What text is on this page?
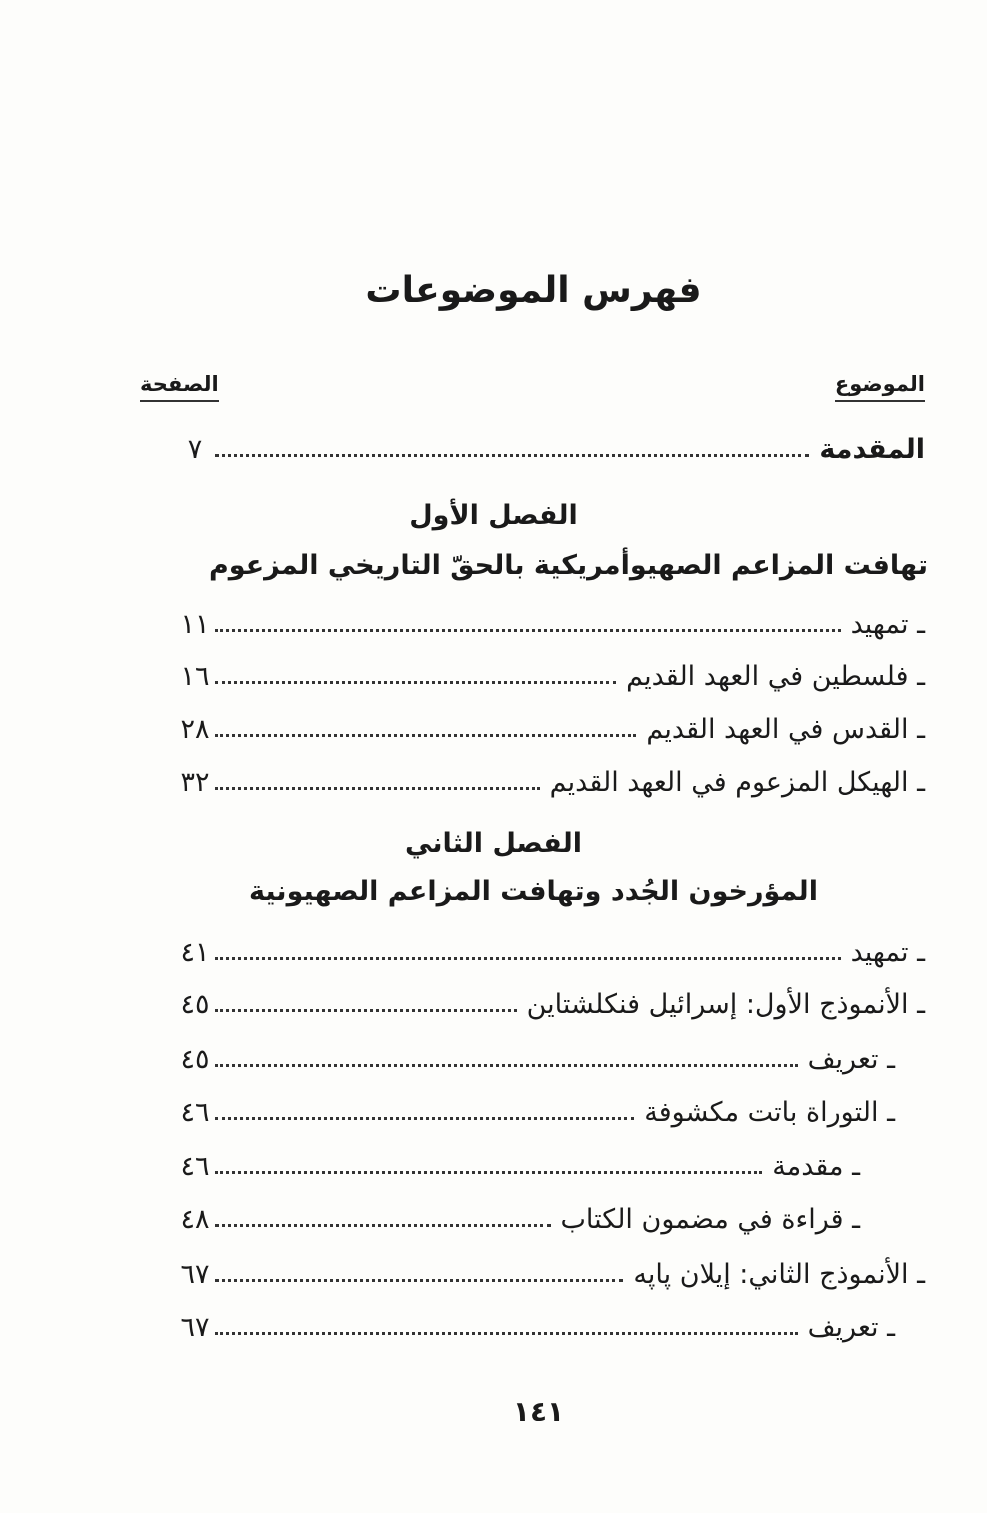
فهرس الموضوعات
الموضوع
الصفحة
المقدمة
٧
الفصل الأول
تهافت المزاعم الصهيوأمريكية بالحقّ التاريخي المزعوم
ـ تمهيد
١١
ـ فلسطين في العهد القديم
١٦
ـ القدس في العهد القديم
٢٨
ـ الهيكل المزعوم في العهد القديم
٣٢
الفصل الثاني
المؤرخون الجُدد وتهافت المزاعم الصهيونية
ـ تمهيد
٤١
ـ الأنموذج الأول: إسرائيل فنكلشتاين
٤٥
ـ تعريف
٤٥
ـ التوراة باتت مكشوفة
٤٦
ـ مقدمة
٤٦
ـ قراءة في مضمون الكتاب
٤٨
ـ الأنموذج الثاني: إيلان پاپه
٦٧
ـ تعريف
٦٧
١٤١
